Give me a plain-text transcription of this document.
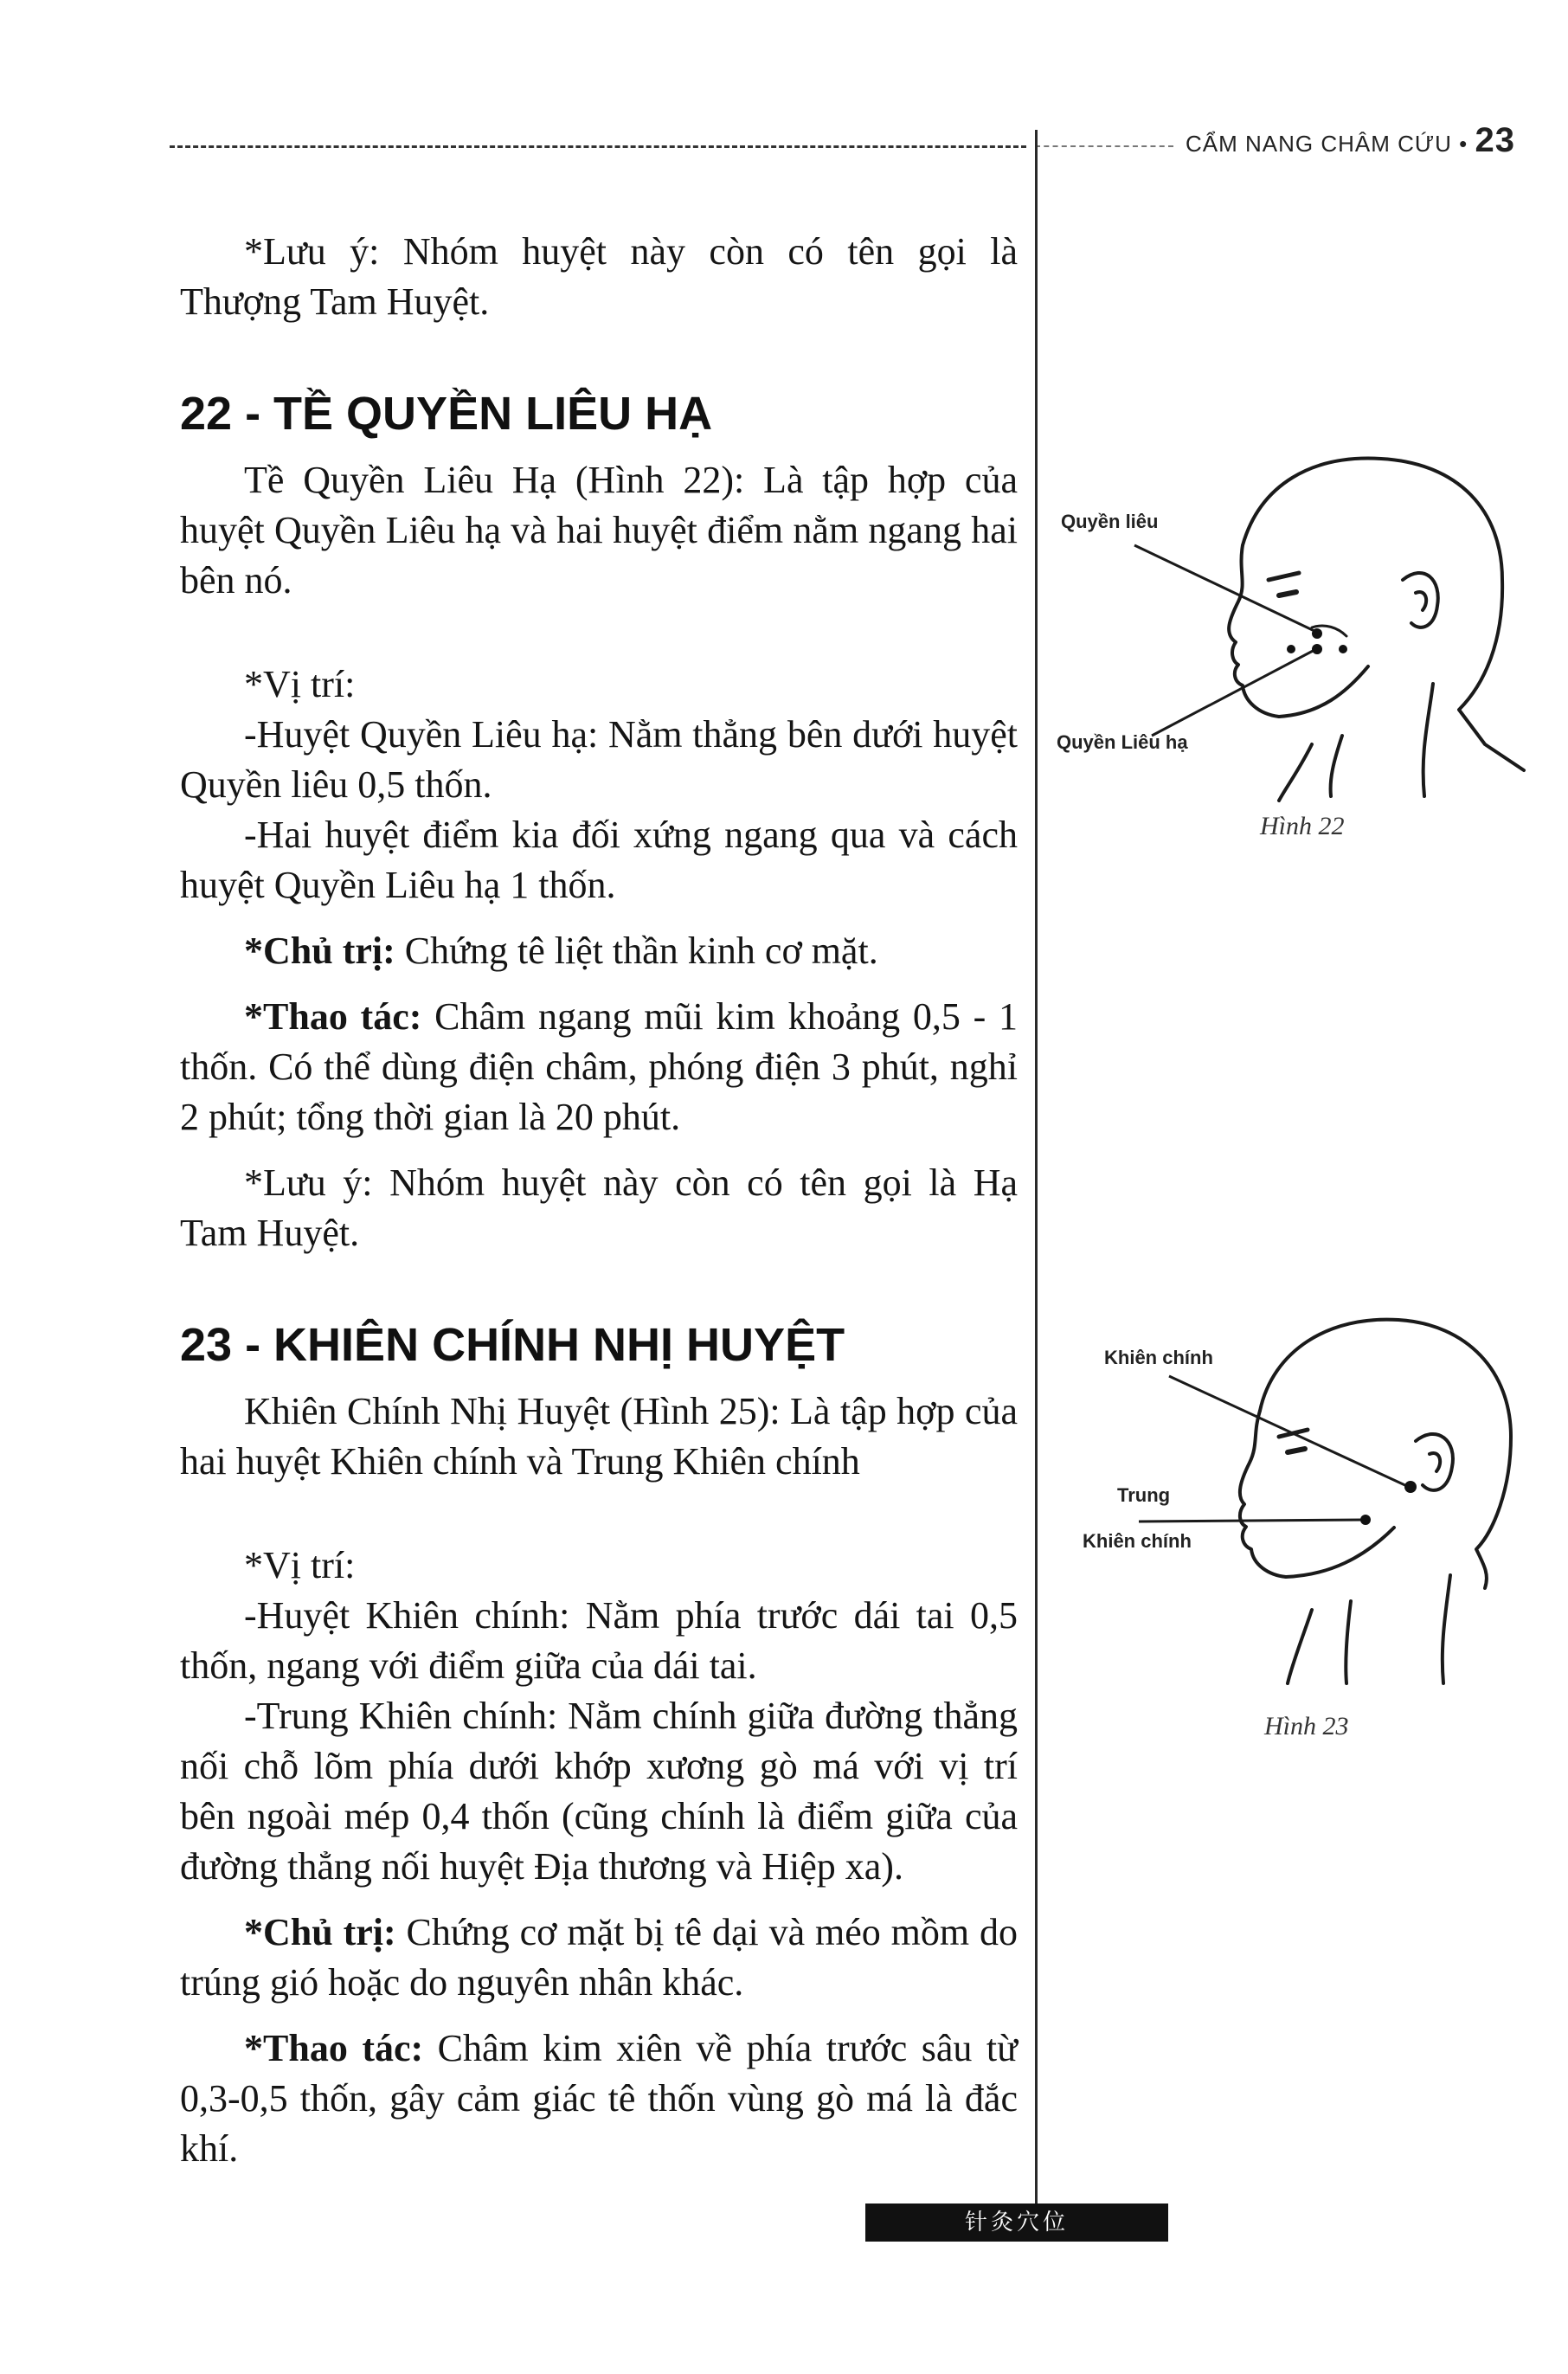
CẨM NANG CHÂM CỨU • 23

*Lưu ý: Nhóm huyệt này còn có tên gọi là Thượng Tam Huyệt.

22 - TỀ QUYỀN LIÊU HẠ

Tề Quyền Liêu Hạ (Hình 22): Là tập hợp của huyệt Quyền Liêu hạ và hai huyệt điểm nằm ngang hai bên nó.

*Vị trí:

-Huyệt Quyền Liêu hạ: Nằm thẳng bên dưới huyệt Quyền liêu 0,5 thốn.

-Hai huyệt điểm kia đối xứng ngang qua và cách huyệt Quyền Liêu hạ 1 thốn.

*Chủ trị: Chứng tê liệt thần kinh cơ mặt.

*Thao tác: Châm ngang mũi kim khoảng 0,5 - 1 thốn. Có thể dùng điện châm, phóng điện 3 phút, nghỉ 2 phút; tổng thời gian là 20 phút.

*Lưu ý: Nhóm huyệt này còn có tên gọi là Hạ Tam Huyệt.

23 - KHIÊN CHÍNH NHỊ HUYỆT

Khiên Chính Nhị Huyệt (Hình 25): Là tập hợp của hai huyệt Khiên chính và Trung Khiên chính

*Vị trí:

-Huyệt Khiên chính: Nằm phía trước dái tai 0,5 thốn, ngang với điểm giữa của dái tai.

-Trung Khiên chính: Nằm chính giữa đường thẳng nối chỗ lõm phía dưới khớp xương gò má với vị trí bên ngoài mép 0,4 thốn (cũng chính là điểm giữa của đường thẳng nối huyệt Địa thương và Hiệp xa).

*Chủ trị: Chứng cơ mặt bị tê dại và méo mồm do trúng gió hoặc do nguyên nhân khác.

*Thao tác: Châm kim xiên về phía trước sâu từ 0,3-0,5 thốn, gây cảm giác tê thốn vùng gò má là đắc khí.

Quyền liêu
Quyền Liêu hạ
Hình 22
Khiên chính
Trung
Khiên chính
Hình 23
针灸穴位
